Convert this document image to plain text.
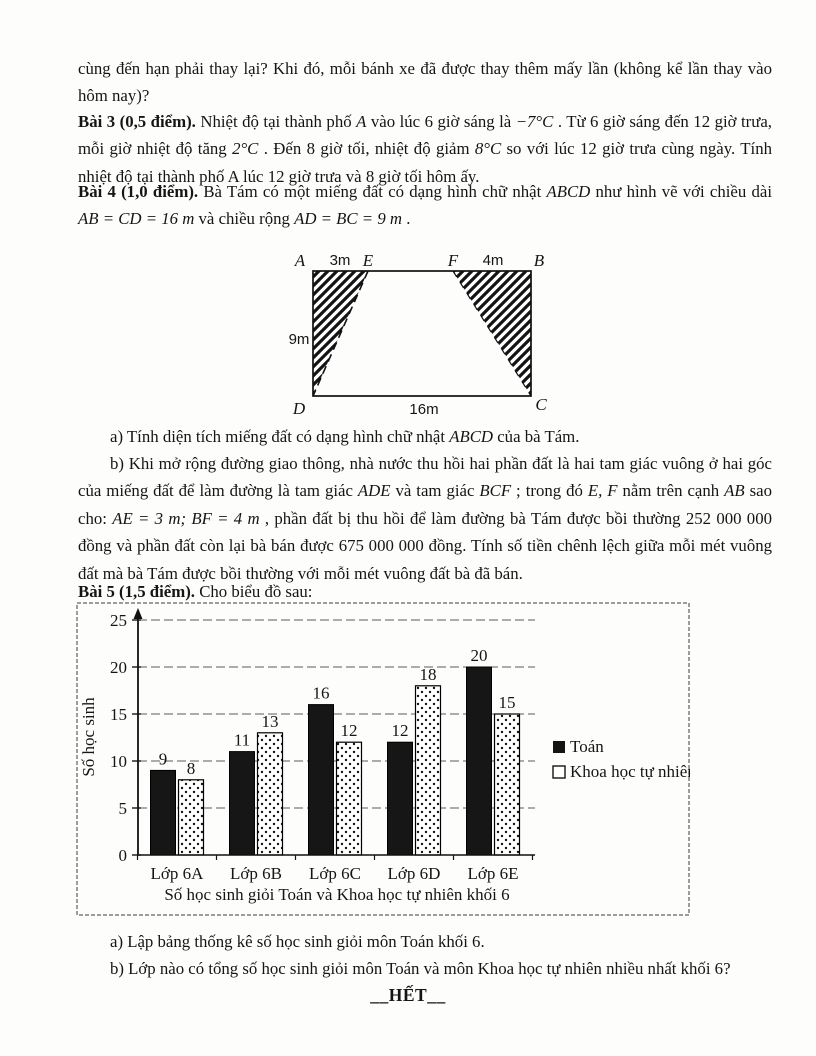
cùng đến hạn phải thay lại? Khi đó, mỗi bánh xe đã được thay thêm mấy lần (không kể lần thay vào hôm nay)?

Bài 3 (0,5 điểm). Nhiệt độ tại thành phố A vào lúc 6 giờ sáng là −7°C . Từ 6 giờ sáng đến 12 giờ trưa, mỗi giờ nhiệt độ tăng 2°C . Đến 8 giờ tối, nhiệt độ giảm 8°C so với lúc 12 giờ trưa cùng ngày. Tính nhiệt độ tại thành phố A lúc 12 giờ trưa và 8 giờ tối hôm ấy.

Bài 4 (1,0 điểm). Bà Tám có một miếng đất có dạng hình chữ nhật ABCD như hình vẽ với chiều dài AB = CD = 16 m và chiều rộng AD = BC = 9 m .

A 3m E	F 4m B
9m
D	C
16m

a) Tính diện tích miếng đất có dạng hình chữ nhật ABCD của bà Tám.

b) Khi mở rộng đường giao thông, nhà nước thu hồi hai phần đất là hai tam giác vuông ở hai góc của miếng đất để làm đường là tam giác ADE và tam giác BCF ; trong đó E, F nằm trên cạnh AB sao cho: AE = 3 m; BF = 4 m , phần đất bị thu hồi để làm đường bà Tám được bồi thường 252 000 000 đồng và phần đất còn lại bà bán được 675 000 000 đồng. Tính số tiền chênh lệch giữa mỗi mét vuông đất mà bà Tám được bồi thường với mỗi mét vuông đất bà đã bán.

Bài 5 (1,5 điểm). Cho biểu đồ sau:

0
5
10
15
20
25
9 8
Lớp 6A
11
13
Lớp 6B
16
12
Lớp 6C
12
18
Lớp 6D
20
15
Lớp 6E
Số học sinh
Số học sinh giỏi Toán và Khoa học tự nhiên khối 6
Toán
Khoa học tự nhiên

a) Lập bảng thống kê số học sinh giỏi môn Toán khối 6.

b) Lớp nào có tổng số học sinh giỏi môn Toán và môn Khoa học tự nhiên nhiều nhất khối 6?

__HẾT__
